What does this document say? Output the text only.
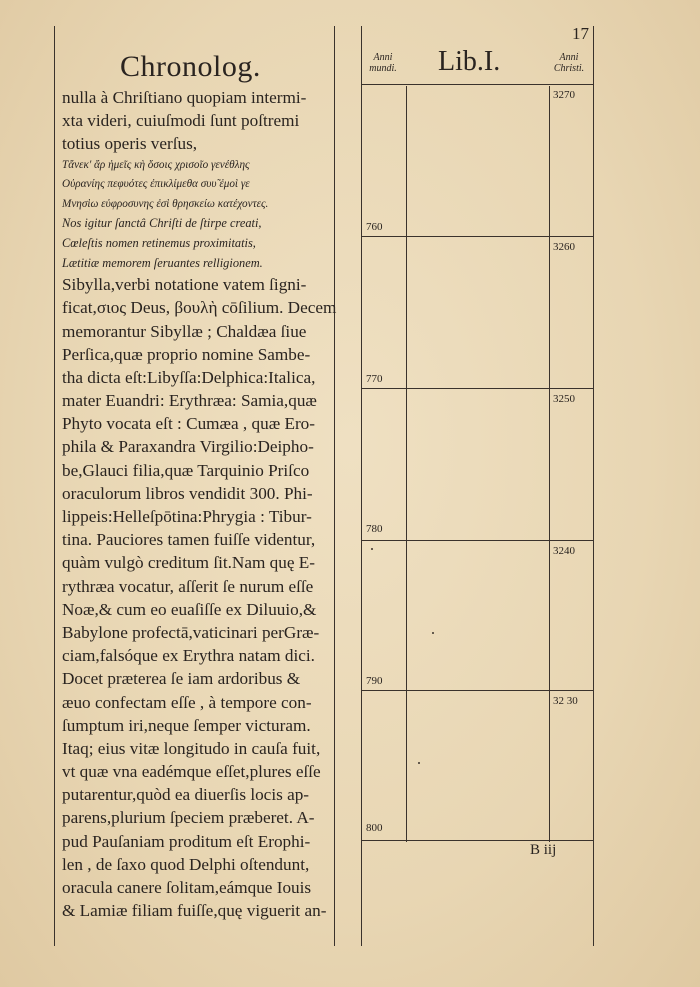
Chronolog.
nulla à Chriſtiano quopiam intermi-
xta videri, cuiuſmodi ſunt poſtremi
totius operis verſus,
Τἄνεκ' ἄρ ἡμεῖς κὴ ὅσοις χρισοῖο γενέθλης
Οὐρανίης πεφυότες ἐπικλίμεθα συυ̃ ἐμοὶ γε
Μνησὶω εὐφροσυνης ἐσὶ θρησκείω κατέχοντες.
Nos igitur ſanctâ Chriſti de ſtirpe creati,
Cœleſtis nomen retinemus proximitatis,
Lætitiæ memorem ſeruantes relligionem.
Sibylla,verbi notatione vatem ſigni-
ficat,σιος Deus, βουλὴ cōſilium. Decem
memorantur Sibyllæ ; Chaldæa ſiue
Perſica,quæ proprio nomine Sambe-
tha dicta eſt:Libyſſa:Delphica:Italica,
mater Euandri: Erythræa: Samia,quæ
Phyto vocata eſt : Cumæa , quæ Ero-
phila & Paraxandra Virgilio:Deipho-
be,Glauci filia,quæ Tarquinio Priſco
oraculorum libros vendidit 300. Phi-
lippeis:Helleſpōtina:Phrygia : Tibur-
tina. Pauciores tamen fuiſſe videntur,
quàm vulgò creditum ſit.Nam quę E-
rythræa vocatur, aſſerit ſe nurum eſſe
Noæ,& cum eo euaſiſſe ex Diluuio,&
Babylone profectā,vaticinari perGræ-
ciam,falsóque ex Erythra natam dici.
Docet præterea ſe iam ardoribus &
æuo confectam eſſe , à tempore con-
ſumptum iri,neque ſemper victuram.
Itaq; eius vitæ longitudo in cauſa fuit,
vt quæ vna eadémque eſſet,plures eſſe
putarentur,quòd ea diuerſis locis ap-
parens,plurium ſpeciem præberet. A-
pud Pauſaniam proditum eſt Erophi-
len , de ſaxo quod Delphi oſtendunt,
oracula canere ſolitam,eámque Iouis
& Lamiæ filiam fuiſſe,quę viguerit an-
17
Anni mundi.	Lib.I.	Anni Christi.
3270
760
3260
770
3250
780
3240
790
32 30
800
B iij
